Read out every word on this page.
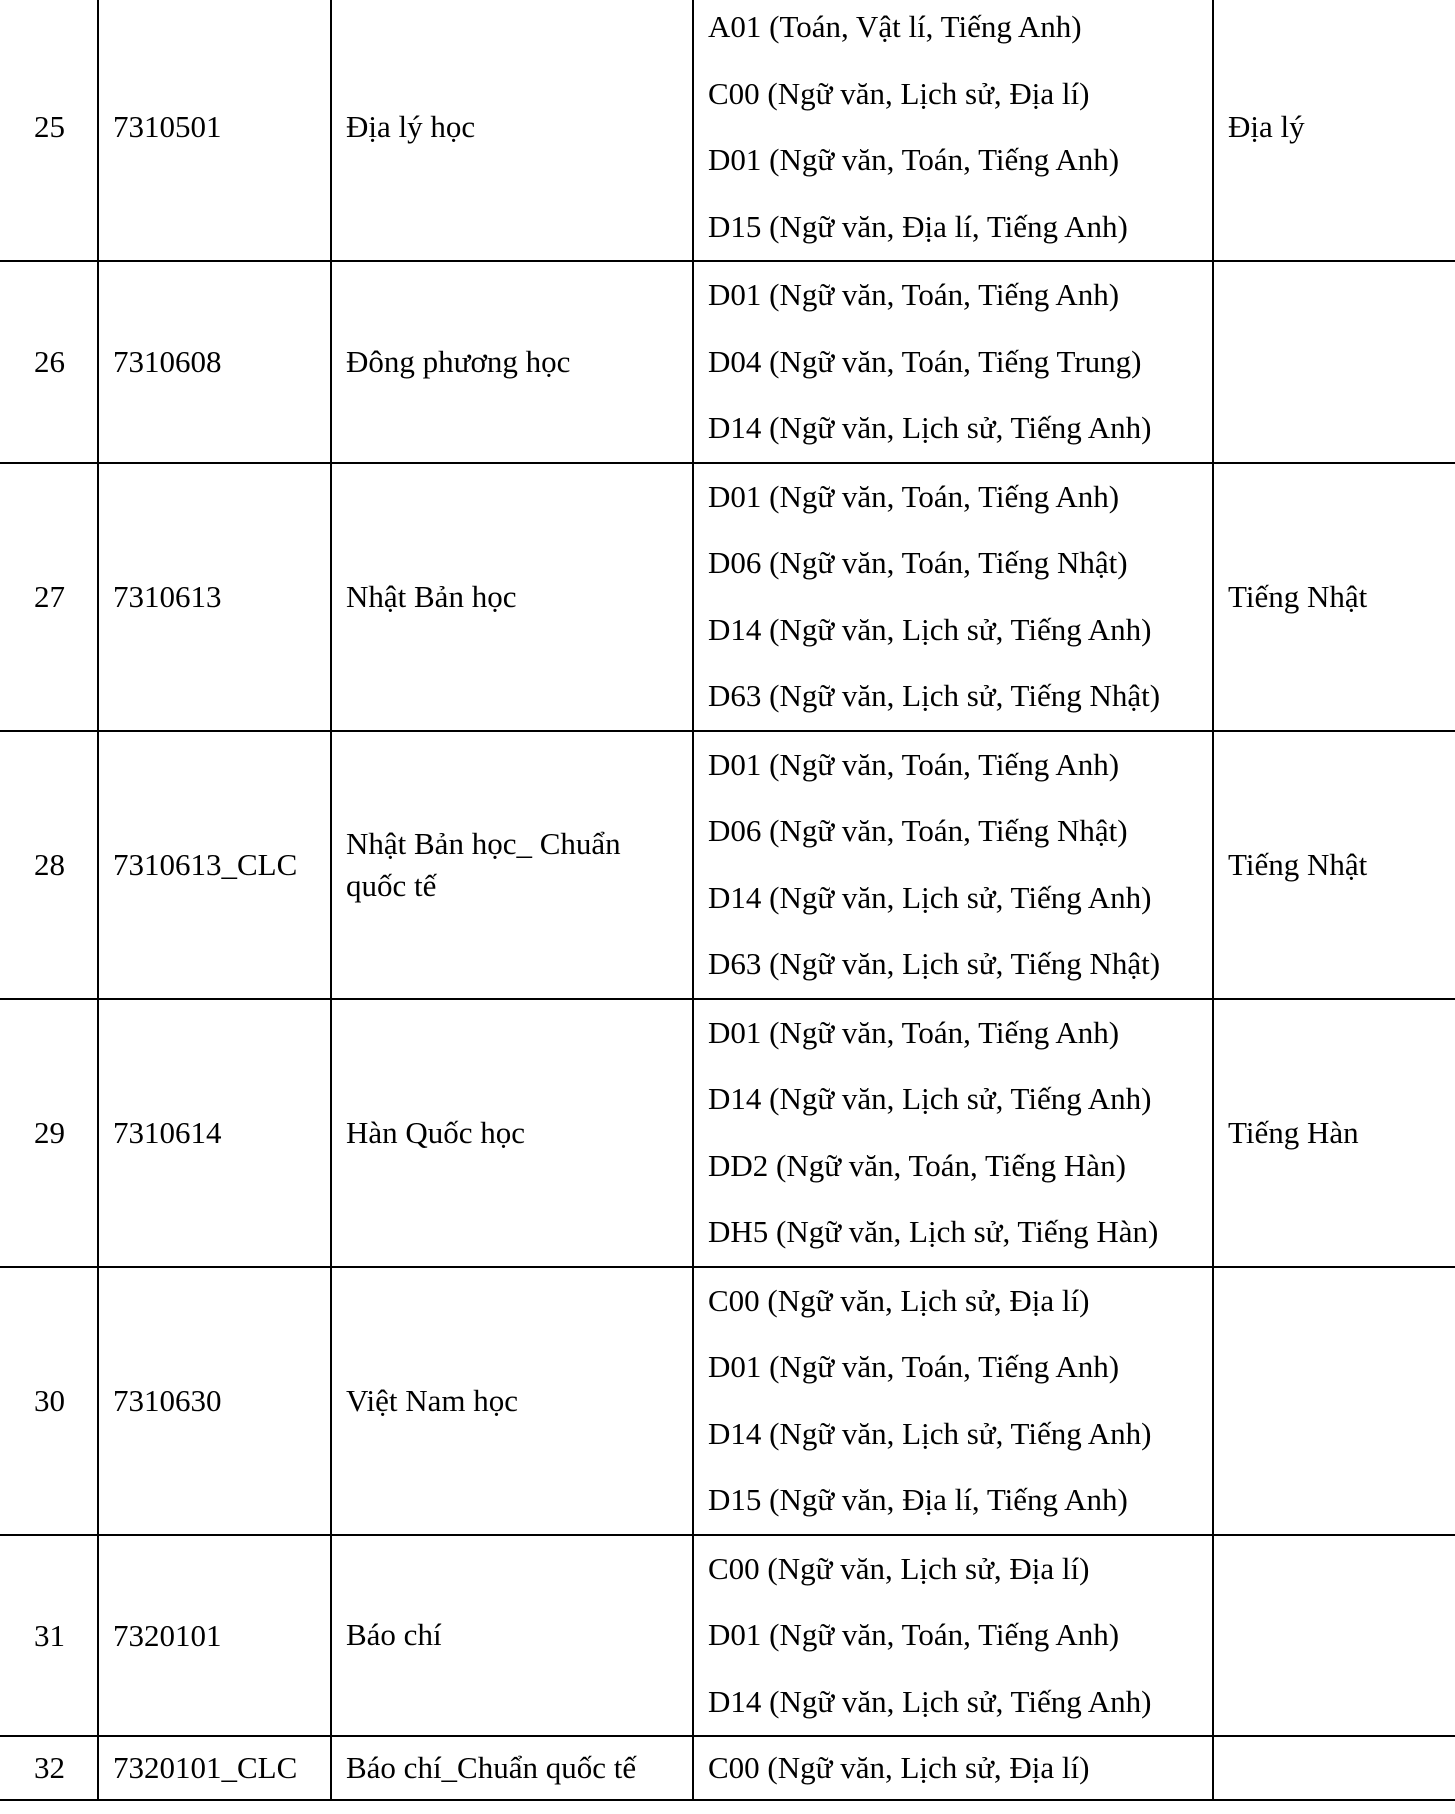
25	7310501	Địa lý học	A01 (Toán, Vật lí, Tiếng Anh)
C00 (Ngữ văn, Lịch sử, Địa lí)
D01 (Ngữ văn, Toán, Tiếng Anh)
D15 (Ngữ văn, Địa lí, Tiếng Anh)	Địa lý

26	7310608	Đông phương học	D01 (Ngữ văn, Toán, Tiếng Anh)
D04 (Ngữ văn, Toán, Tiếng Trung)
D14 (Ngữ văn, Lịch sử, Tiếng Anh)	

27	7310613	Nhật Bản học	D01 (Ngữ văn, Toán, Tiếng Anh)
D06 (Ngữ văn, Toán, Tiếng Nhật)
D14 (Ngữ văn, Lịch sử, Tiếng Anh)
D63 (Ngữ văn, Lịch sử, Tiếng Nhật)	Tiếng Nhật

28	7310613_CLC	Nhật Bản học_ Chuẩn quốc tế	D01 (Ngữ văn, Toán, Tiếng Anh)
D06 (Ngữ văn, Toán, Tiếng Nhật)
D14 (Ngữ văn, Lịch sử, Tiếng Anh)
D63 (Ngữ văn, Lịch sử, Tiếng Nhật)	Tiếng Nhật

29	7310614	Hàn Quốc học	D01 (Ngữ văn, Toán, Tiếng Anh)
D14 (Ngữ văn, Lịch sử, Tiếng Anh)
DD2 (Ngữ văn, Toán, Tiếng Hàn)
DH5 (Ngữ văn, Lịch sử, Tiếng Hàn)	Tiếng Hàn

30	7310630	Việt Nam học	C00 (Ngữ văn, Lịch sử, Địa lí)
D01 (Ngữ văn, Toán, Tiếng Anh)
D14 (Ngữ văn, Lịch sử, Tiếng Anh)
D15 (Ngữ văn, Địa lí, Tiếng Anh)	

31	7320101	Báo chí	C00 (Ngữ văn, Lịch sử, Địa lí)
D01 (Ngữ văn, Toán, Tiếng Anh)
D14 (Ngữ văn, Lịch sử, Tiếng Anh)	

32	7320101_CLC	Báo chí_Chuẩn quốc tế	C00 (Ngữ văn, Lịch sử, Địa lí)	
